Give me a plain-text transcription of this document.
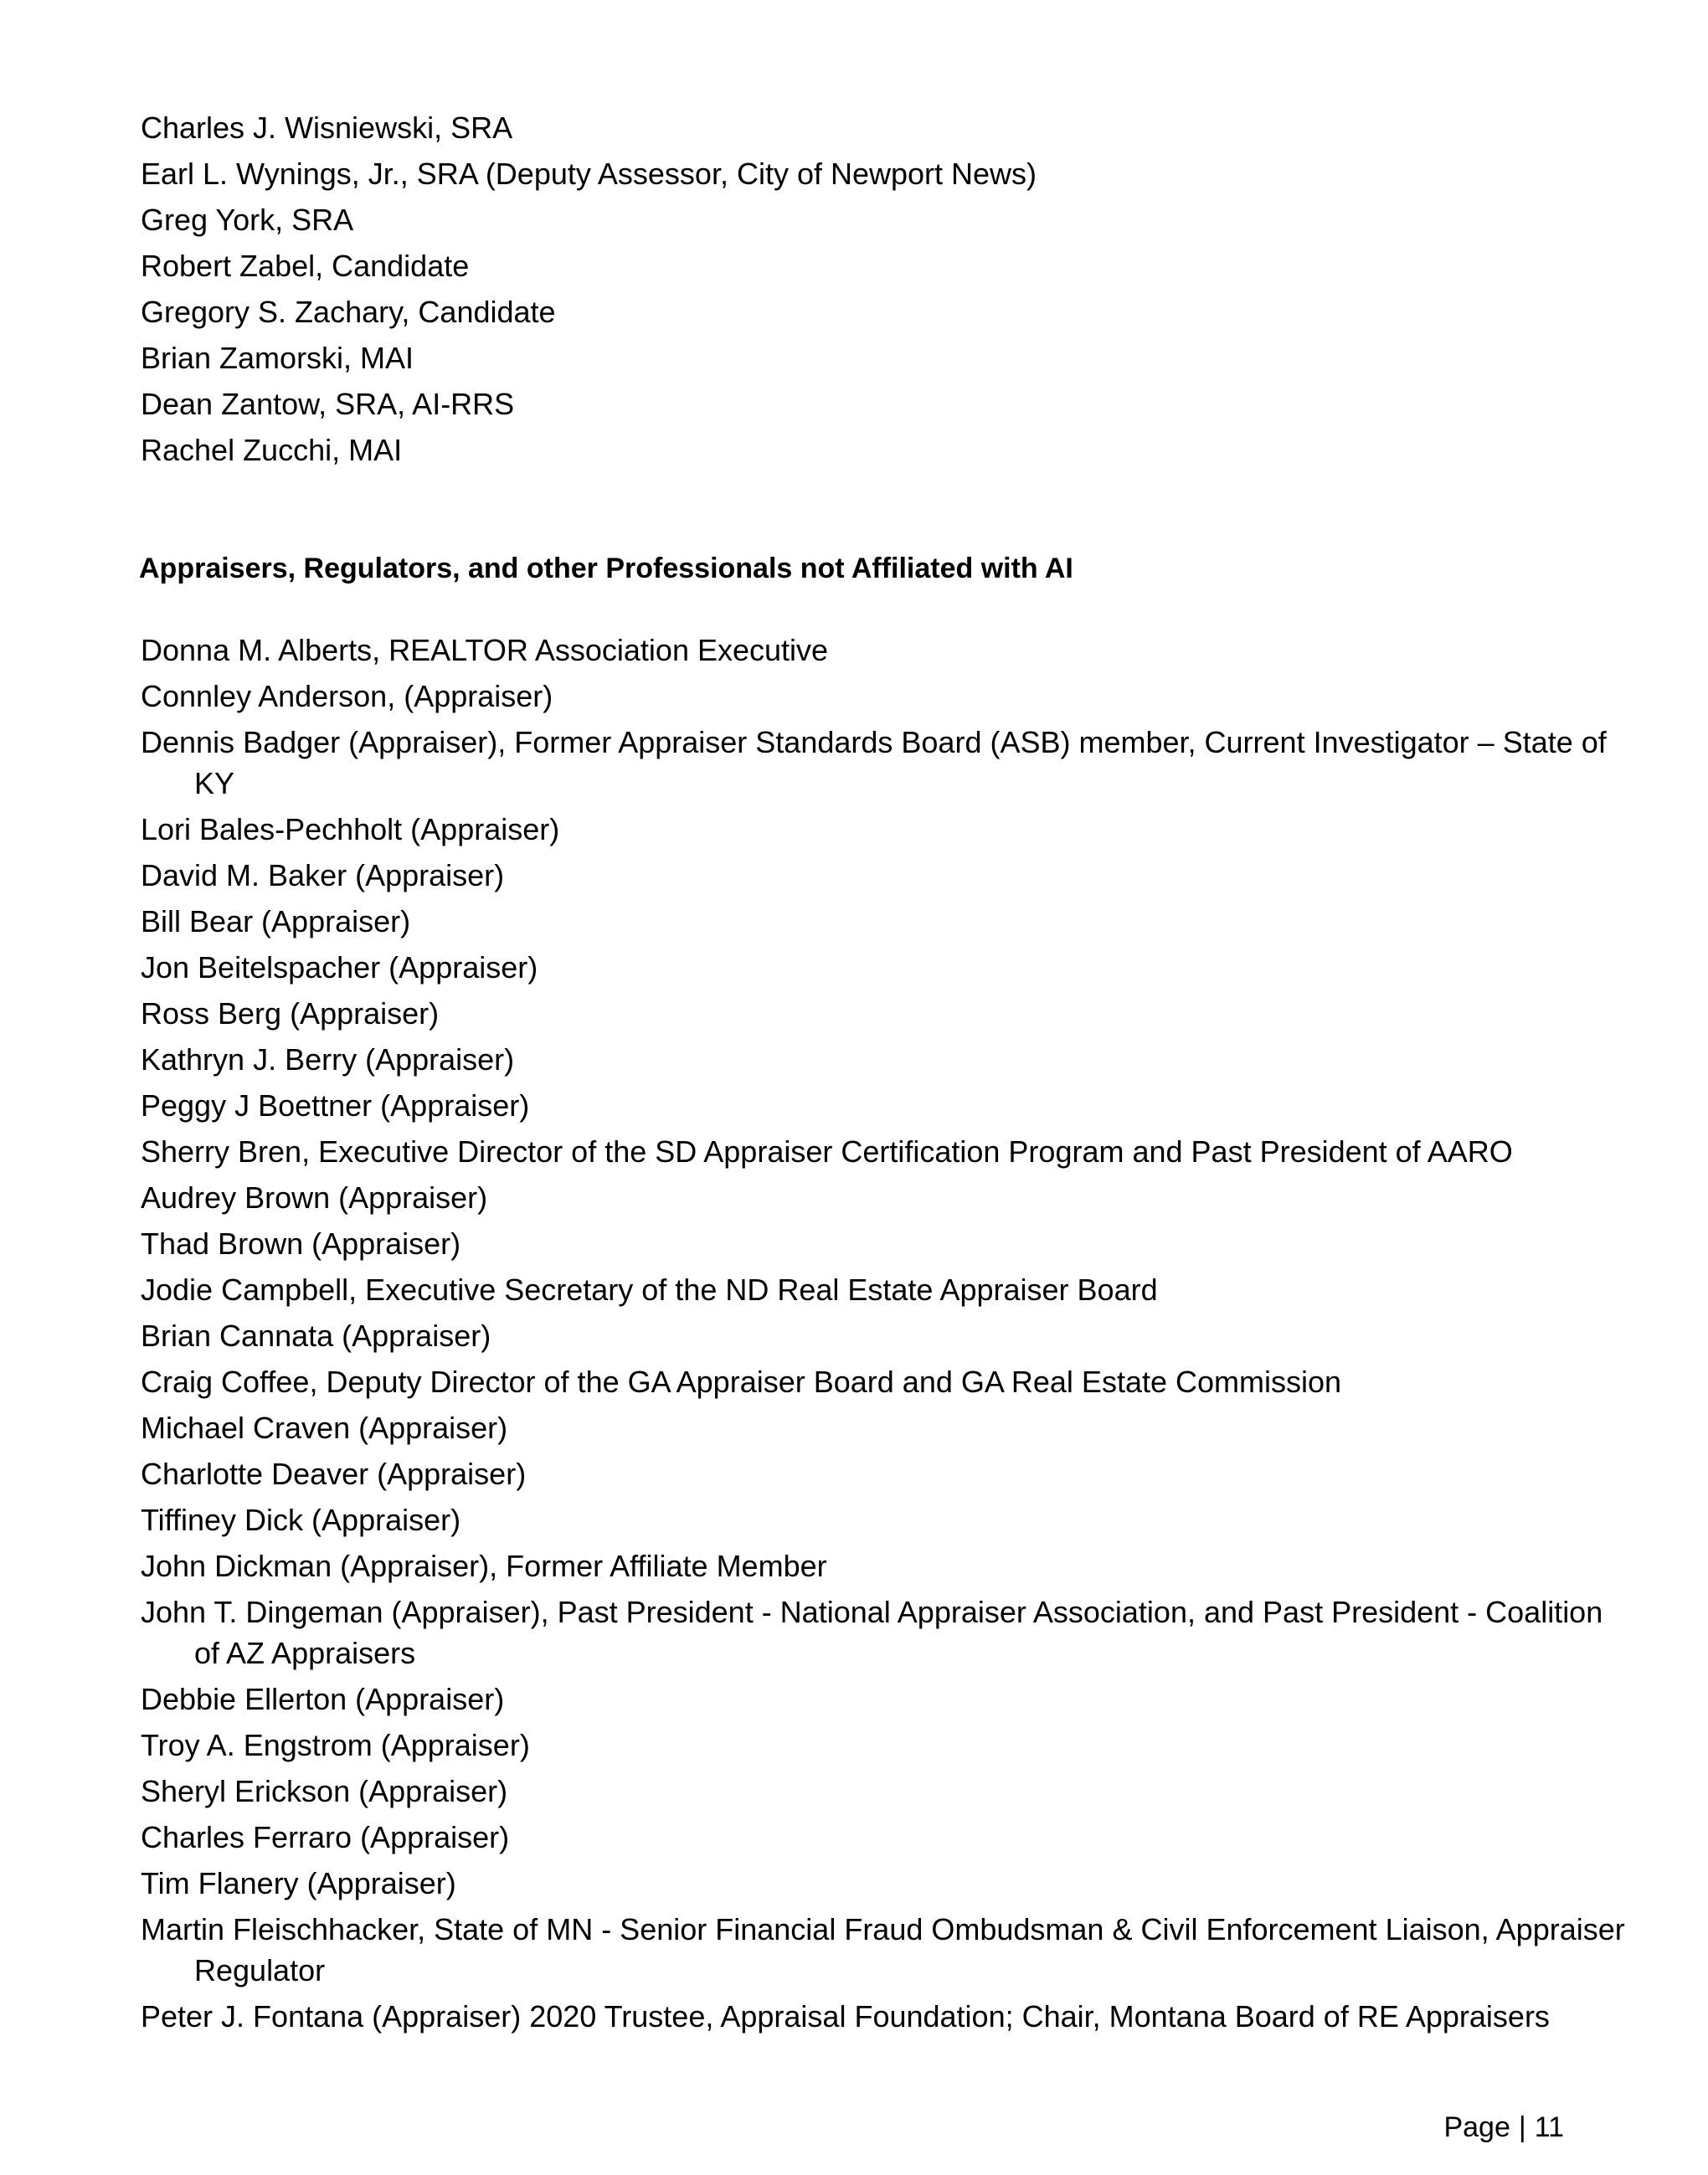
Charles J. Wisniewski, SRA
Earl L. Wynings, Jr., SRA (Deputy Assessor, City of Newport News)
Greg York, SRA
Robert Zabel, Candidate
Gregory S. Zachary, Candidate
Brian Zamorski, MAI
Dean Zantow, SRA, AI-RRS
Rachel Zucchi, MAI
Appraisers, Regulators, and other Professionals not Affiliated with AI
Donna M. Alberts, REALTOR Association Executive
Connley Anderson, (Appraiser)
Dennis Badger (Appraiser), Former Appraiser Standards Board (ASB) member, Current Investigator – State of KY
Lori Bales-Pechholt (Appraiser)
David M. Baker (Appraiser)
Bill Bear (Appraiser)
Jon Beitelspacher (Appraiser)
Ross Berg (Appraiser)
Kathryn J. Berry (Appraiser)
Peggy J Boettner (Appraiser)
Sherry Bren, Executive Director of the SD Appraiser Certification Program and Past President of AARO
Audrey Brown (Appraiser)
Thad Brown (Appraiser)
Jodie Campbell, Executive Secretary of the ND Real Estate Appraiser Board
Brian Cannata (Appraiser)
Craig Coffee, Deputy Director of the GA Appraiser Board and GA Real Estate Commission
Michael Craven (Appraiser)
Charlotte Deaver (Appraiser)
Tiffiney Dick (Appraiser)
John Dickman (Appraiser), Former Affiliate Member
John T. Dingeman (Appraiser), Past President - National Appraiser Association, and Past President - Coalition of AZ Appraisers
Debbie Ellerton (Appraiser)
Troy A. Engstrom (Appraiser)
Sheryl Erickson (Appraiser)
Charles Ferraro (Appraiser)
Tim Flanery (Appraiser)
Martin Fleischhacker, State of MN - Senior Financial Fraud Ombudsman & Civil Enforcement Liaison, Appraiser Regulator
Peter J. Fontana (Appraiser) 2020 Trustee, Appraisal Foundation; Chair, Montana Board of RE Appraisers
Page | 11
